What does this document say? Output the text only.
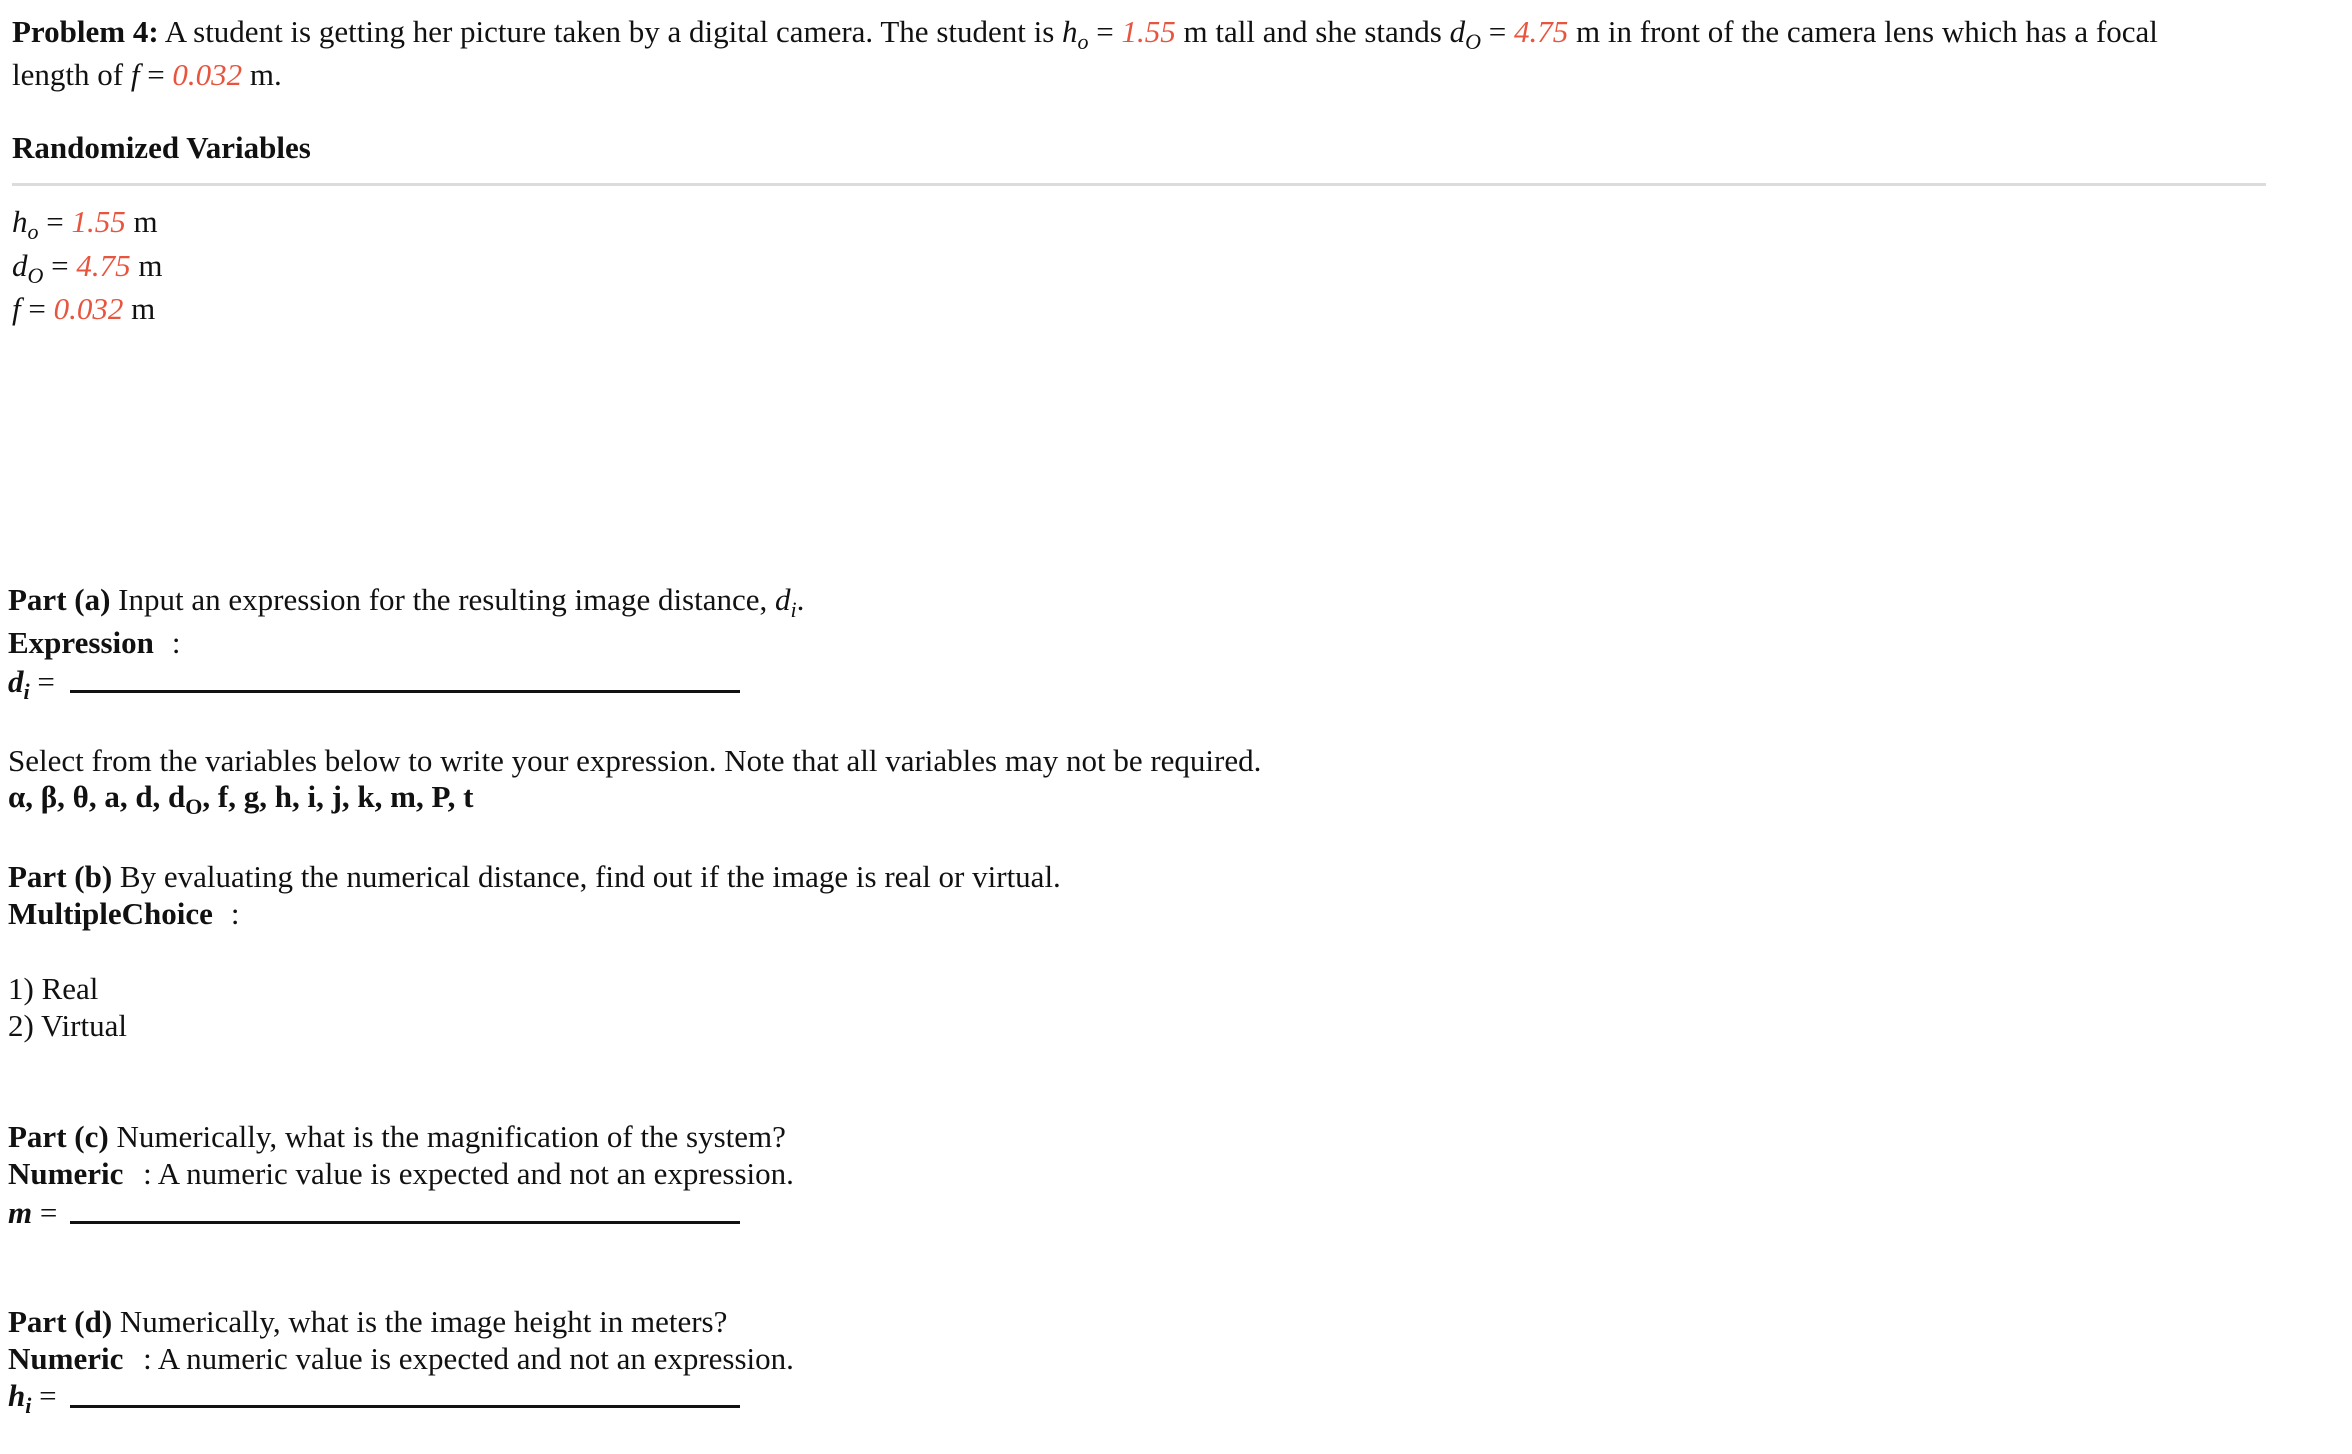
Problem 4: A student is getting her picture taken by a digital camera. The student is $h_o = 1.55$ m tall and she stands $d_O = 4.75$ m in front of the camera lens which has a focal
length of f = 0.032 m.
Randomized Variables
$h_o = 1.55$ m
$d_O = 4.75$ m
f = 0.032 m
Part (a) Input an expression for the resulting image distance, $d_i$.
Expression :
$d_i$ =
Select from the variables below to write your expression. Note that all variables may not be required.
α, β, θ, a, d, $d_O$, f, g, h, i, j, k, m, P, t
Part (b) By evaluating the numerical distance, find out if the image is real or virtual.
MultipleChoice :
1) Real
2) Virtual
Part (c) Numerically, what is the magnification of the system?
Numeric : A numeric value is expected and not an expression.
m =
Part (d) Numerically, what is the image height in meters?
Numeric : A numeric value is expected and not an expression.
$h_i$ =
